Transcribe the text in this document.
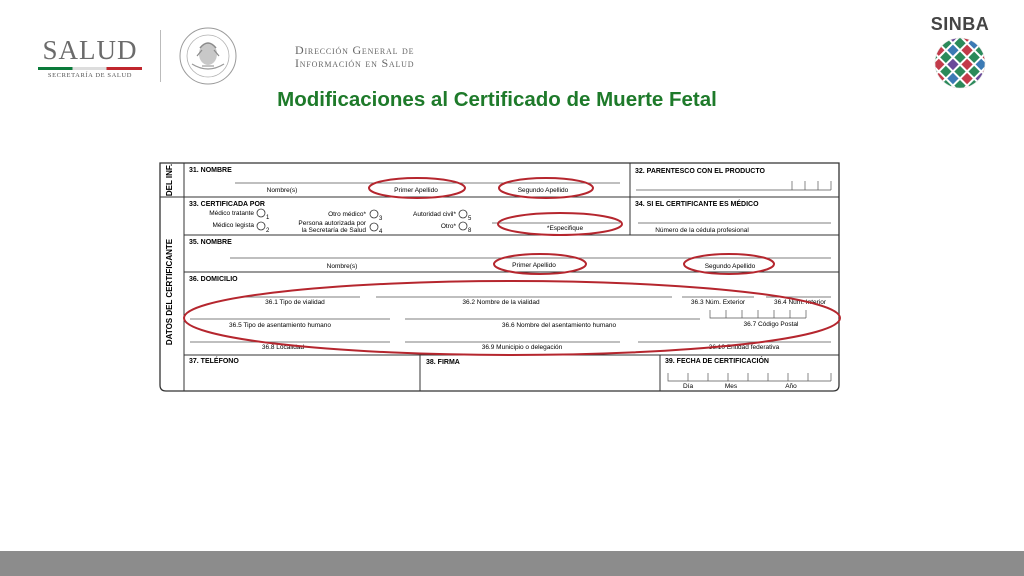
SALUD
SECRETARÍA DE SALUD
Dirección General de
Información en Salud
SINBA
Modificaciones al Certificado de Muerte Fetal
DEL INF.
DATOS DEL CERTIFICANTE
31. NOMBRE
Nombre(s)	Primer Apellido	Segundo Apellido
32. PARENTESCO CON EL PRODUCTO
33. CERTIFICADA POR
Médico tratante
1
Médico legista
2
Otro médico*
3
Persona autorizada por
la Secretaría de Salud 4
Autoridad civil*
5
Otro*
8	*Especifique
34. SI EL CERTIFICANTE ES MÉDICO
Número de la cédula profesional
35. NOMBRE
Nombre(s)	Primer Apellido	Segundo Apellido
36. DOMICILIO
36.1 Tipo de vialidad	36.2 Nombre de la vialidad	36.3 Núm. Exterior	36.4 Núm. Interior
36.5 Tipo de asentamiento humano	36.6 Nombre del asentamiento humano	36.7 Código Postal
36.8 Localidad	36.9 Municipio o delegación	36.10 Entidad federativa
37. TELÉFONO	38. FIRMA	39. FECHA DE CERTIFICACIÓN
Día	Mes	Año
